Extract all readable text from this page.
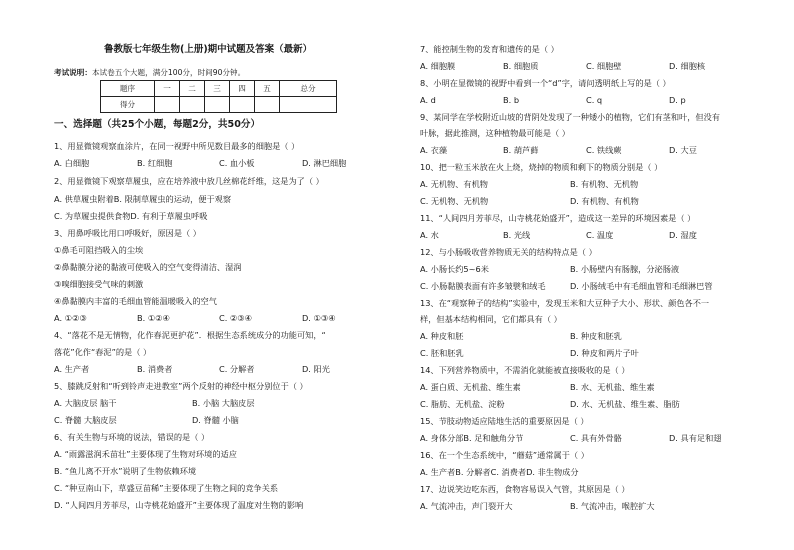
鲁教版七年级生物(上册)期中试题及答案（最新）
考试说明：本试卷五个大题，满分100分，时间90分钟。
题序	一	二	三	四	五	总分
得分						
一、选择题（共25个小题，每题2分，共50分）
1、用显微镜观察血涂片，在同一视野中所见数目最多的细胞是（ ）
A. 白细胞	B. 红细胞	C. 血小板	D. 淋巴细胞
2、用显微镜下观察草履虫，应在培养液中放几丝棉花纤维，这是为了（ ）
A. 供草履虫附着B. 限制草履虫的运动，便于观察
C. 为草履虫提供食物D. 有利于草履虫呼吸
3、用鼻呼吸比用口呼吸好，原因是（ ）
①鼻毛可阻挡吸入的尘埃
②鼻黏膜分泌的黏液可使吸入的空气变得清洁、湿润
③嗅细胞接受气味的刺激
④鼻黏膜内丰富的毛细血管能温暖吸入的空气
A. ①②③	B. ①②④	C. ②③④	D. ①③④
4、“落花不是无情物，化作春泥更护花”．根据生态系统成分的功能可知，“
落花”化作“春泥”的是（ ）
A. 生产者	B. 消费者	C. 分解者	D. 阳光
5、膝跳反射和“听到铃声走进教室”两个反射的神经中枢分别位于（ ）
A. 大脑皮层 脑干	B. 小脑 大脑皮层
C. 脊髓 大脑皮层	D. 脊髓 小脑
6、有关生物与环境的说法，错误的是（ ）
A. “雨露滋润禾苗壮”主要体现了生物对环境的适应
B. “鱼儿离不开水”说明了生物依赖环境
C. “种豆南山下，草盛豆苗稀”主要体现了生物之间的竞争关系
D. “人间四月芳菲尽，山寺桃花始盛开”主要体现了温度对生物的影响
7、能控制生物的发育和遗传的是（ ）
A. 细胞膜	B. 细胞质	C. 细胞壁	D. 细胞核
8、小明在显微镜的视野中看到一个“d”字，请问透明纸上写的是（ ）
A. d	B. b	C. q	D. p
9、某同学在学校附近山坡的背阴处发现了一种矮小的植物，它们有茎和叶，但没有
叶脉，据此推测，这种植物最可能是（ ）
A. 衣藻	B. 葫芦藓	C. 铁线蕨	D. 大豆
10、把一粒玉米放在火上烧，烧掉的物质和剩下的物质分别是（ ）
A. 无机物、有机物	B. 有机物、无机物
C. 无机物、无机物	D. 有机物、有机物
11、“人间四月芳菲尽，山寺桃花始盛开”，造成这一差异的环境因素是（ ）
A. 水	B. 光线	C. 温度	D. 湿度
12、与小肠吸收营养物质无关的结构特点是（ ）
A. 小肠长约5~6米	B. 小肠壁内有肠腺，分泌肠液
C. 小肠黏膜表面有许多皱襞和绒毛	D. 小肠绒毛中有毛细血管和毛细淋巴管
13、在“观察种子的结构”实验中，发现玉米和大豆种子大小、形状、颜色各不一
样，但基本结构相同，它们都具有（ ）
A. 种皮和胚	B. 种皮和胚乳
C. 胚和胚乳	D. 种皮和两片子叶
14、下列营养物质中，不需消化就能被直接吸收的是（ ）
A. 蛋白质、无机盐、维生素	B. 水、无机盐、维生素
C. 脂肪、无机盐、淀粉	D. 水、无机盐、维生素、脂肪
15、节肢动物适应陆地生活的重要原因是（ ）
A. 身体分部B. 足和触角分节	C. 具有外骨骼	D. 具有足和翅
16、在一个生态系统中，“蘑菇”通常属于（ ）
A. 生产者B. 分解者C. 消费者D. 非生物成分
17、边说笑边吃东西，食物容易误入气管，其原因是（ ）
A. 气流冲击，声门裂开大	B. 气流冲击，喉腔扩大
